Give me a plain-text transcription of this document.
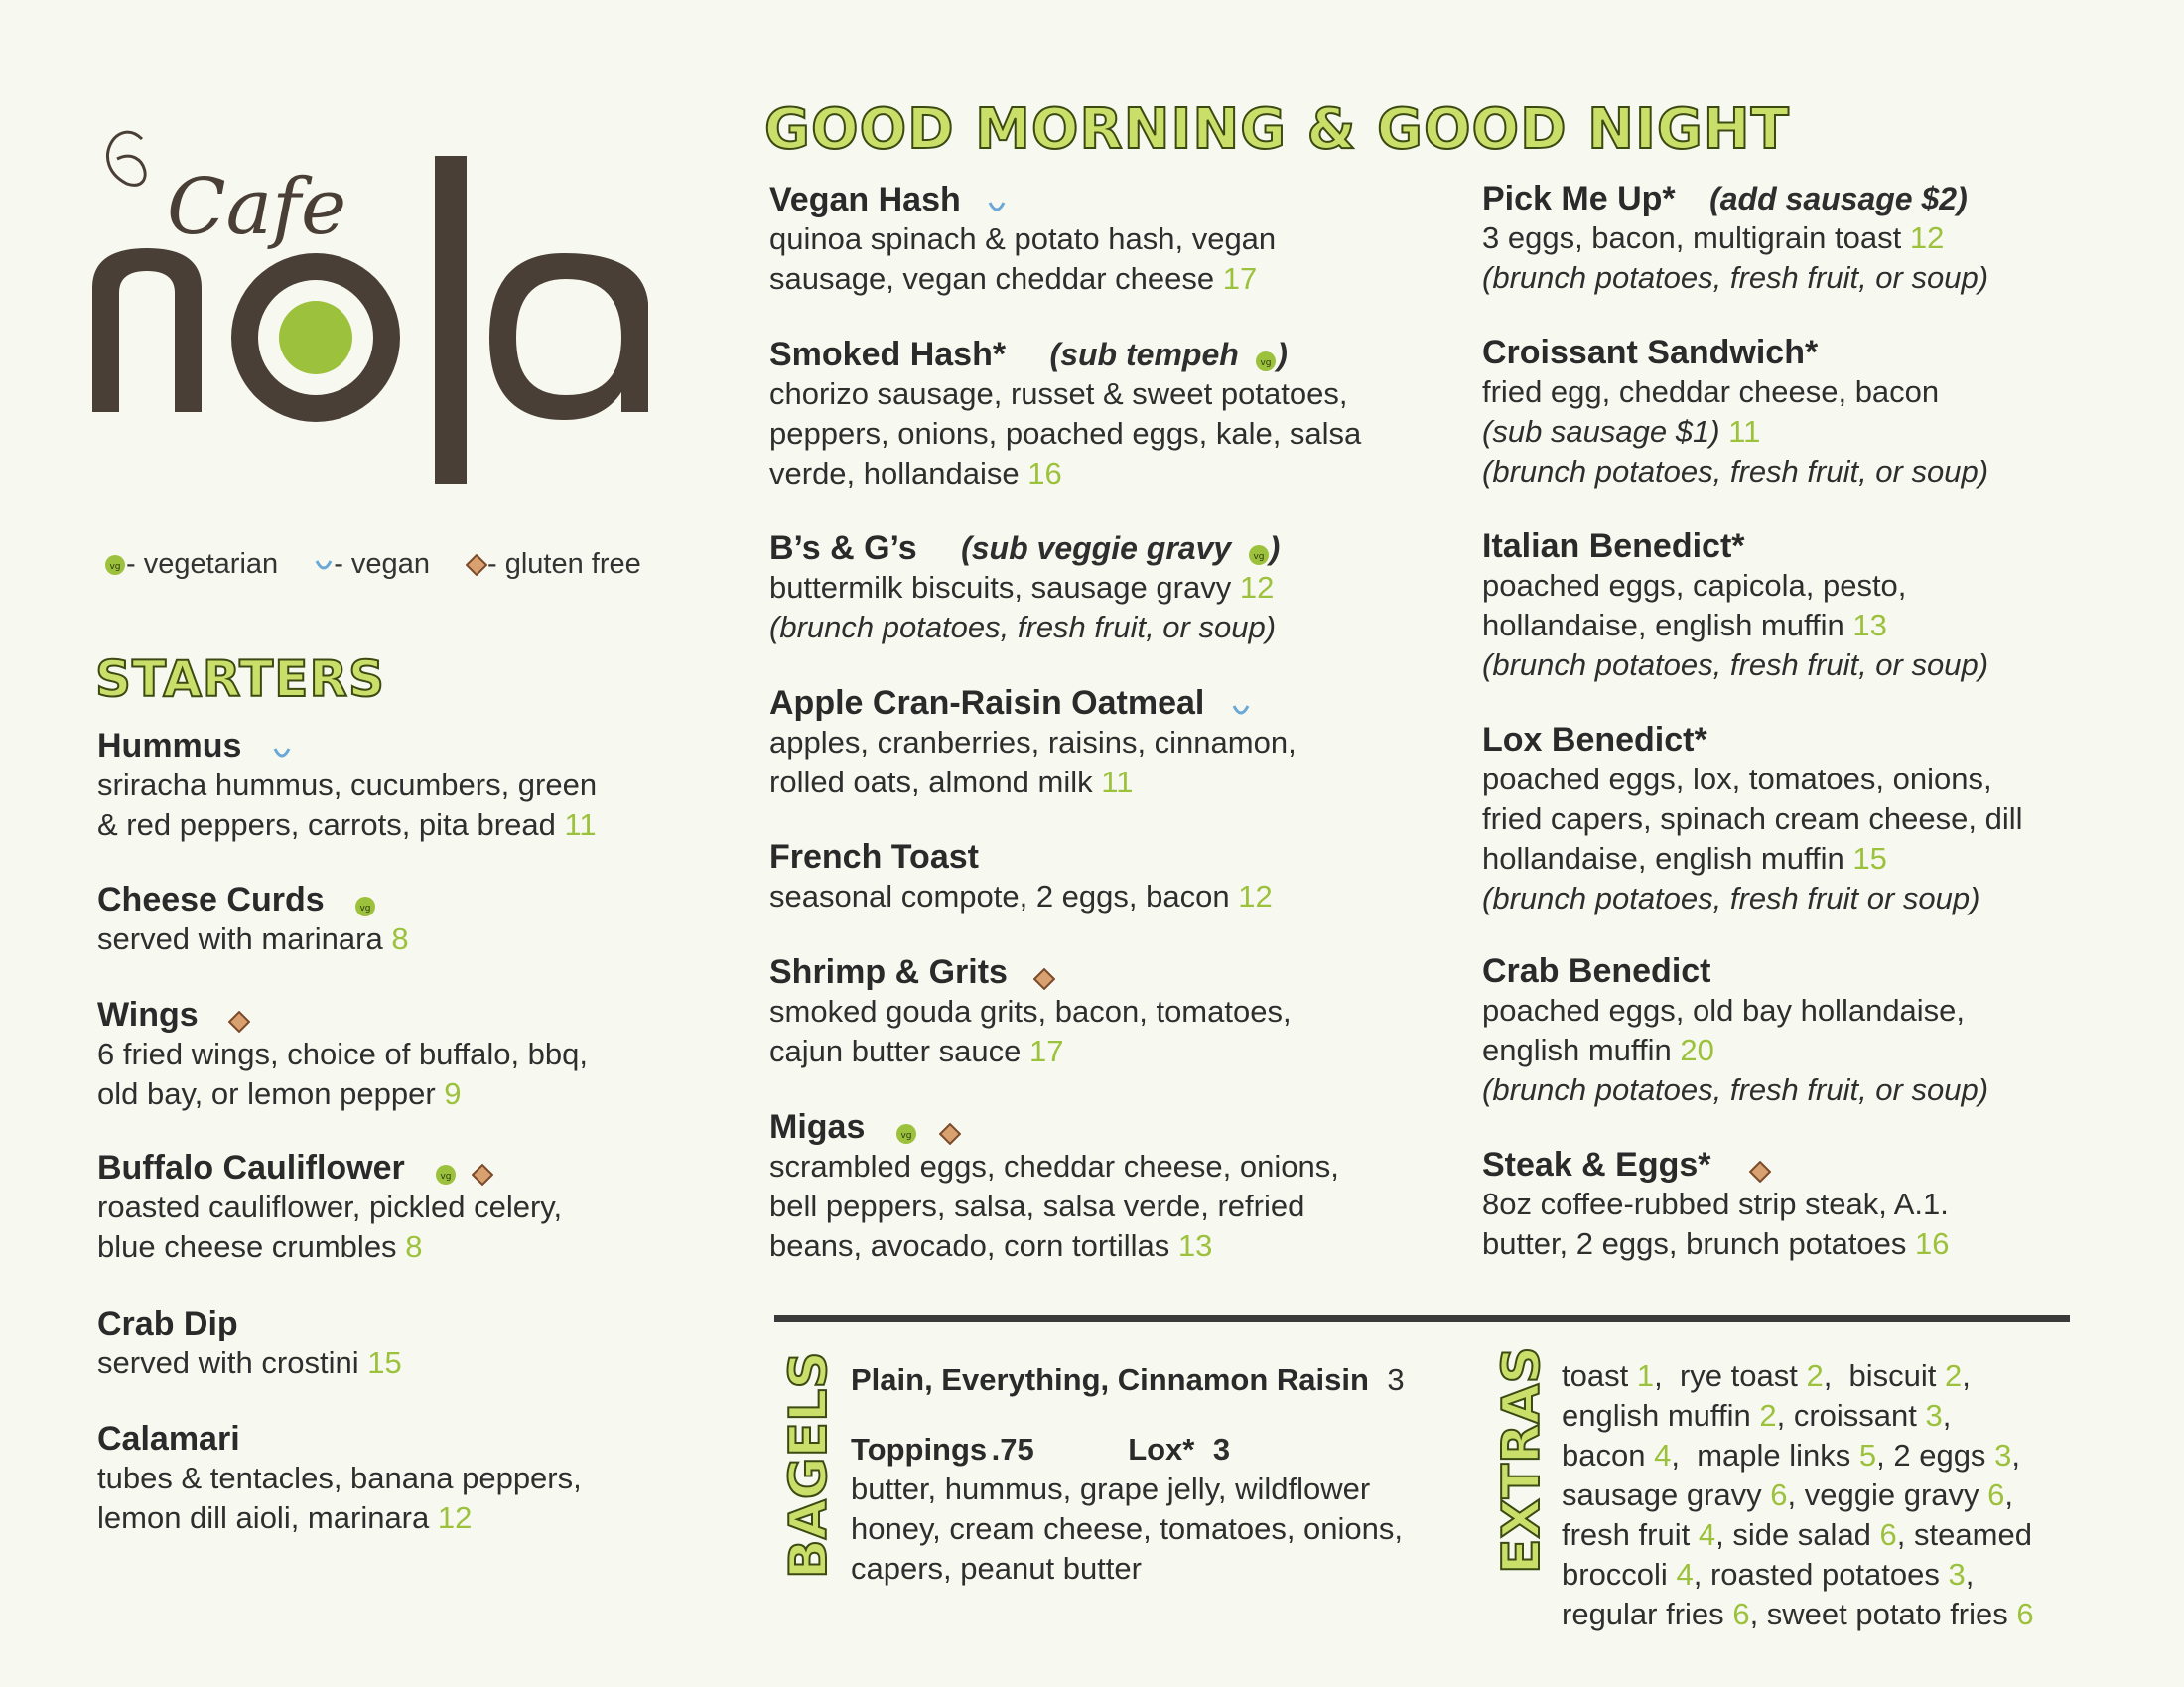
Cafe
vg - vegetarian - vegan - gluten free
GOOD MORNING & GOOD NIGHT
STARTERS
Hummus
sriracha hummus, cucumbers, green
& red peppers, carrots, pita bread 11
Cheese Curds	vg
served with marinara 8
Wings
6 fried wings, choice of buffalo, bbq,
old bay, or lemon pepper 9
Buffalo Cauliflower	vg

roasted cauliflower, pickled celery,
blue cheese crumbles 8
Crab Dip
served with crostini 15
Calamari
tubes & tentacles, banana peppers,
lemon dill aioli, marinara 12
Vegan Hash
quinoa spinach & potato hash, vegan
sausage, vegan cheddar cheese 17
Smoked Hash* (sub tempeh vg )
chorizo sausage, russet & sweet potatoes,
peppers, onions, poached eggs, kale, salsa
verde, hollandaise 16
B’s & G’s (sub veggie gravy vg )
buttermilk biscuits, sausage gravy 12
(brunch potatoes, fresh fruit, or soup)
Apple Cran-Raisin Oatmeal
apples, cranberries, raisins, cinnamon,
rolled oats, almond milk 11
French Toast
seasonal compote, 2 eggs, bacon 12
Shrimp & Grits
smoked gouda grits, bacon, tomatoes,
cajun butter sauce 17
Migas	vg

scrambled eggs, cheddar cheese, onions,
bell peppers, salsa, salsa verde, refried
beans, avocado, corn tortillas 13
Pick Me Up* (add sausage $2)
3 eggs, bacon, multigrain toast 12
(brunch potatoes, fresh fruit, or soup)
Croissant Sandwich*
fried egg, cheddar cheese, bacon
(sub sausage $1) 11
(brunch potatoes, fresh fruit, or soup)
Italian Benedict*
poached eggs, capicola, pesto,
hollandaise, english muffin 13
(brunch potatoes, fresh fruit, or soup)
Lox Benedict*
poached eggs, lox, tomatoes, onions,
fried capers, spinach cream cheese, dill
hollandaise, english muffin 15
(brunch potatoes, fresh fruit or soup)
Crab Benedict
poached eggs, old bay hollandaise,
english muffin 20
(brunch potatoes, fresh fruit, or soup)
Steak & Eggs*
8oz coffee-rubbed strip steak, A.1.
butter, 2 eggs, brunch potatoes 16
BAGELS Plain, Everything, Cinnamon Raisin 3
Toppings .75	Lox* 3
butter, hummus, grape jelly, wildflower
honey, cream cheese, tomatoes, onions,
capers, peanut butter	EXTRAS toast 1,  rye toast 2,  biscuit 2,
english muffin 2, croissant 3,
bacon 4,  maple links 5, 2 eggs 3,
sausage gravy 6, veggie gravy 6,
fresh fruit 4, side salad 6, steamed
broccoli 4, roasted potatoes 3,
regular fries 6, sweet potato fries 6
